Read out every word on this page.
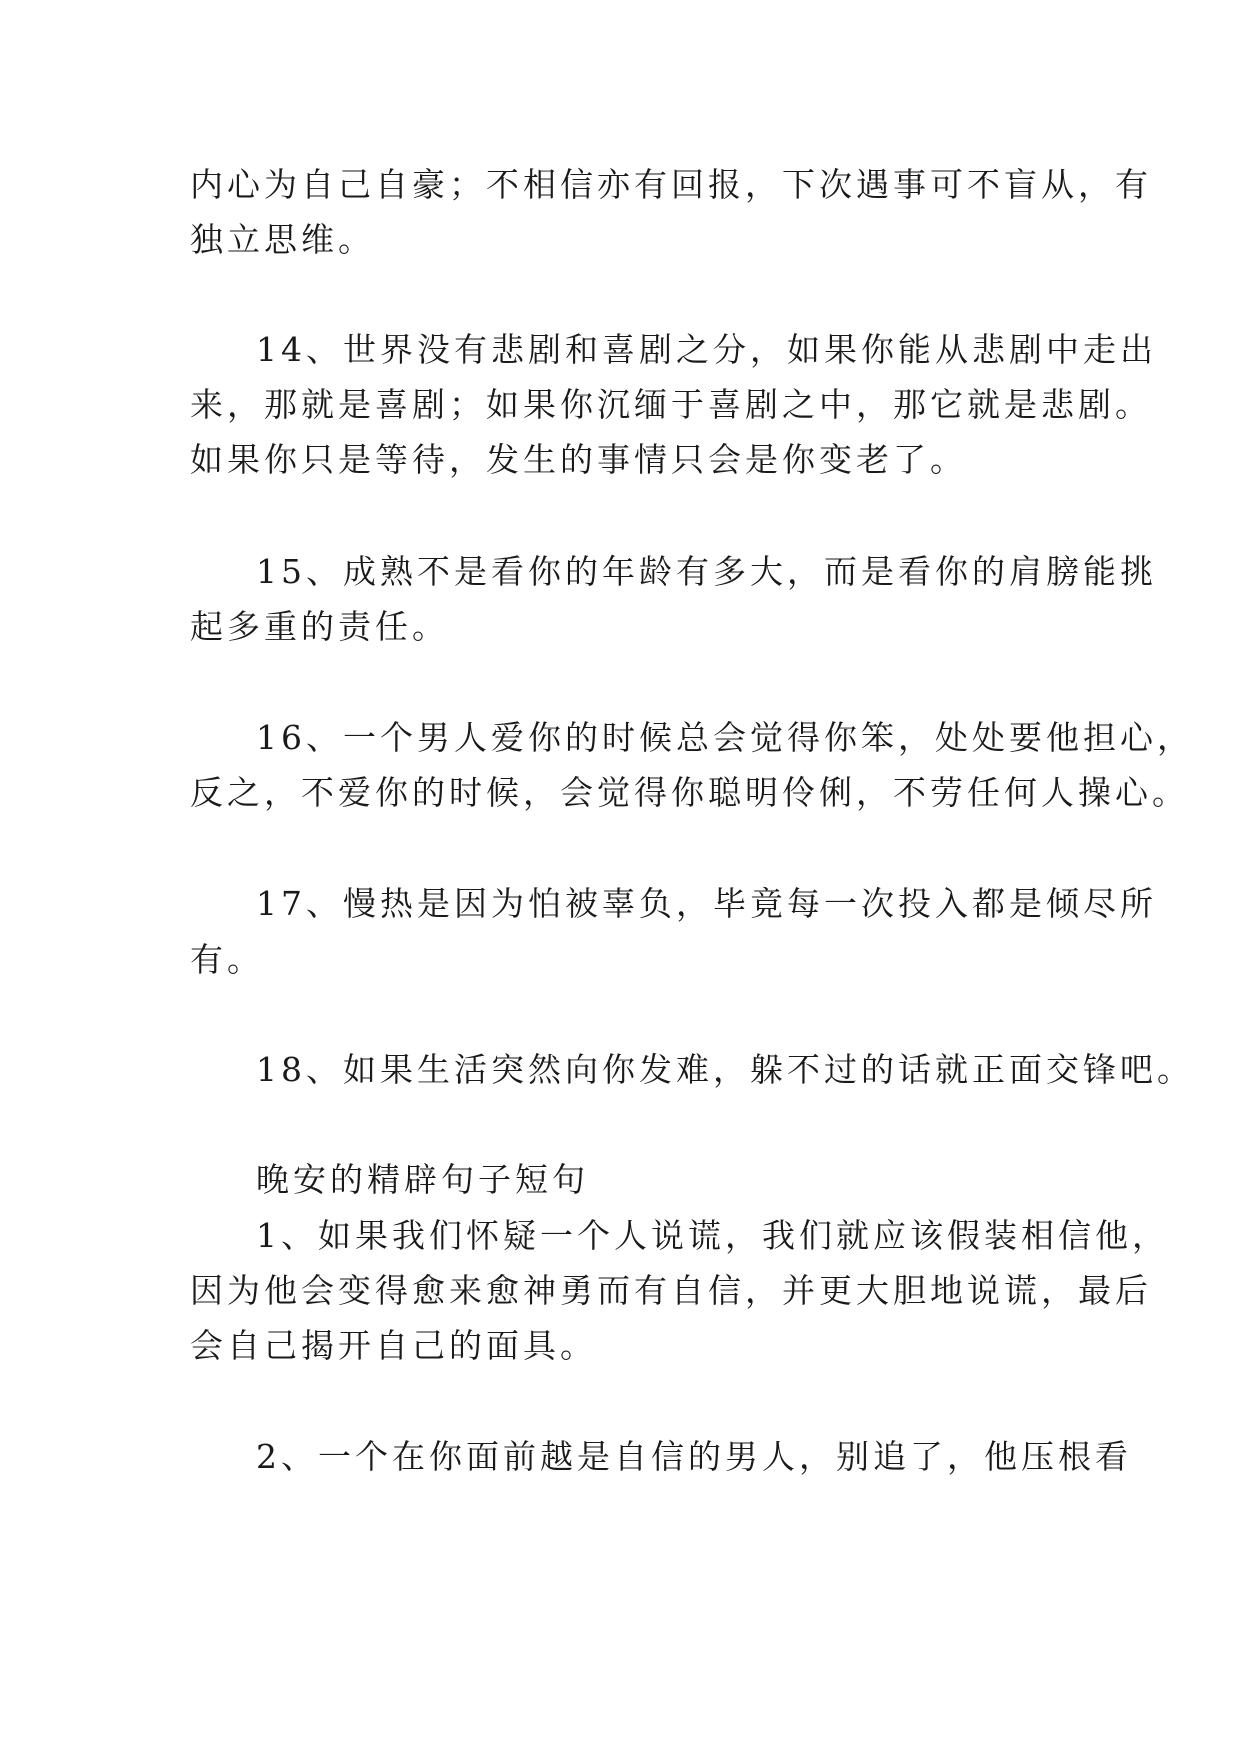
内心为自己自豪；不相信亦有回报，下次遇事可不盲从，有
独立思维。
14、世界没有悲剧和喜剧之分，如果你能从悲剧中走出
来，那就是喜剧；如果你沉缅于喜剧之中，那它就是悲剧。
如果你只是等待，发生的事情只会是你变老了。
15、成熟不是看你的年龄有多大，而是看你的肩膀能挑
起多重的责任。
16、一个男人爱你的时候总会觉得你笨，处处要他担心，
反之，不爱你的时候，会觉得你聪明伶俐，不劳任何人操心。
17、慢热是因为怕被辜负，毕竟每一次投入都是倾尽所
有。
18、如果生活突然向你发难，躲不过的话就正面交锋吧。
晚安的精辟句子短句
1、如果我们怀疑一个人说谎，我们就应该假装相信他，
因为他会变得愈来愈神勇而有自信，并更大胆地说谎，最后
会自己揭开自己的面具。
2、一个在你面前越是自信的男人，别追了，他压根看
